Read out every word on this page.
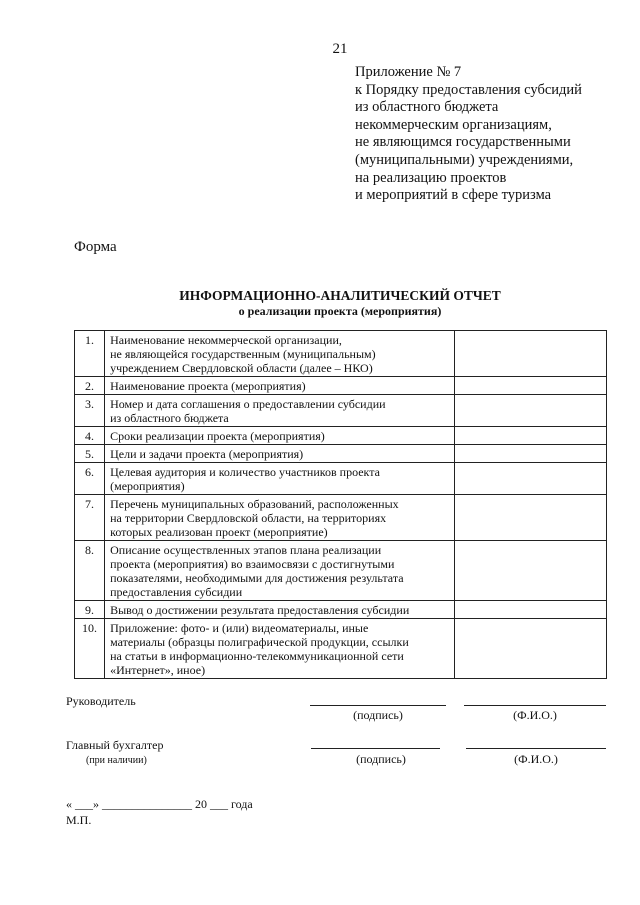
21
Приложение № 7
к Порядку предоставления субсидий
из областного бюджета
некоммерческим организациям,
не являющимся государственными
(муниципальными) учреждениями,
на реализацию проектов
и мероприятий в сфере туризма
Форма
ИНФОРМАЦИОННО-АНАЛИТИЧЕСКИЙ ОТЧЕТ
о реализации проекта (мероприятия)
1.	Наименование некоммерческой организации,
не являющейся государственным (муниципальным)
учреждением Свердловской области (далее – НКО)	
2.	Наименование проекта (мероприятия)	
3.	Номер и дата соглашения о предоставлении субсидии
из областного бюджета	
4.	Сроки реализации проекта (мероприятия)	
5.	Цели и задачи проекта (мероприятия)	
6.	Целевая аудитория и количество участников проекта
(мероприятия)	
7.	Перечень муниципальных образований, расположенных
на территории Свердловской области, на территориях
которых реализован проект (мероприятие)	
8.	Описание осуществленных этапов плана реализации
проекта (мероприятия) во взаимосвязи с достигнутыми
показателями, необходимыми для достижения результата
предоставления субсидии	
9.	Вывод о достижении результата предоставления субсидии	
10.	Приложение: фото- и (или) видеоматериалы, иные
материалы (образцы полиграфической продукции, ссылки
на статьи в информационно-телекоммуникационной сети
«Интернет», иное)	
Руководитель
(подпись)	(Ф.И.О.)
Главный бухгалтер
(при наличии)	(подпись)	(Ф.И.О.)
« ___» _______________ 20 ___ года
М.П.
